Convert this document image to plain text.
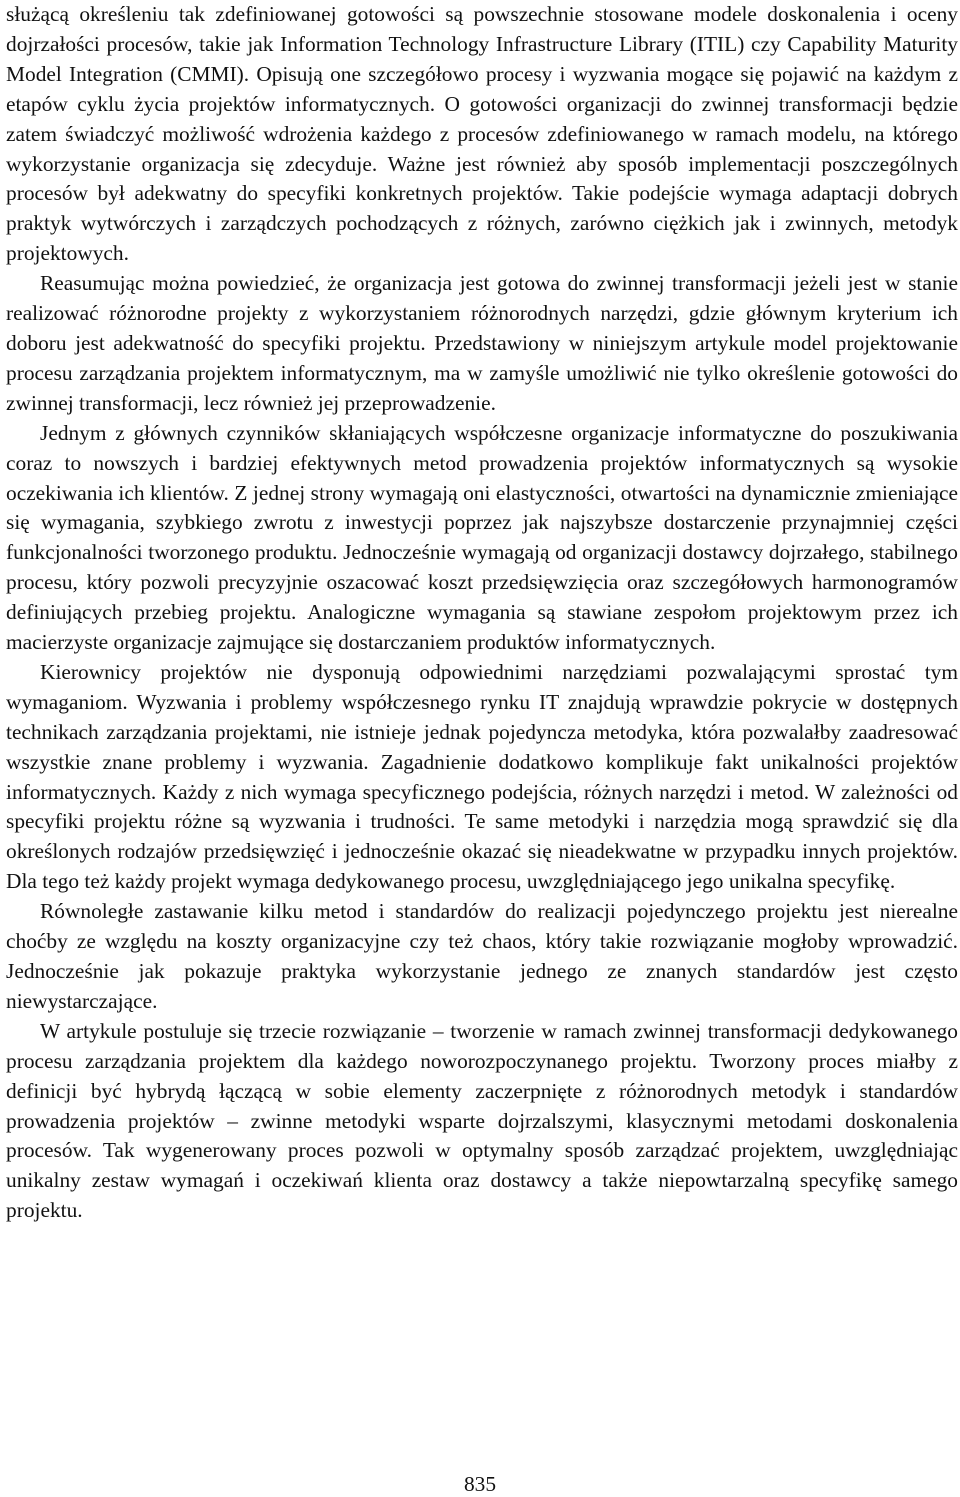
służącą określeniu tak zdefiniowanej gotowości są powszechnie stosowane modele doskonalenia i oceny dojrzałości procesów, takie jak Information Technology Infrastructure Library (ITIL) czy Capability Maturity Model Integration (CMMI). Opisują one szczegółowo procesy i wyzwania mogące się pojawić na każdym z etapów cyklu życia projektów informatycznych. O gotowości organizacji do zwinnej transformacji będzie zatem świadczyć możliwość wdrożenia każdego z procesów zdefiniowanego w ramach modelu, na którego wykorzystanie organizacja się zdecyduje. Ważne jest również aby sposób implementacji poszczególnych procesów był adekwatny do specyfiki konkretnych projektów. Takie podejście wymaga adaptacji dobrych praktyk wytwórczych i zarządczych pochodzących z różnych, zarówno ciężkich jak i zwinnych, metodyk projektowych.

Reasumując można powiedzieć, że organizacja jest gotowa do zwinnej transformacji jeżeli jest w stanie realizować różnorodne projekty z wykorzystaniem różnorodnych narzędzi, gdzie głównym kryterium ich doboru jest adekwatność do specyfiki projektu. Przedstawiony w niniejszym artykule model projektowanie procesu zarządzania projektem informatycznym, ma w zamyśle umożliwić nie tylko określenie gotowości do zwinnej transformacji, lecz również jej przeprowadzenie.

Jednym z głównych czynników skłaniających współczesne organizacje informatyczne do poszukiwania coraz to nowszych i bardziej efektywnych metod prowadzenia projektów informatycznych są wysokie oczekiwania ich klientów. Z jednej strony wymagają oni elastyczności, otwartości na dynamicznie zmieniające się wymagania, szybkiego zwrotu z inwestycji poprzez jak najszybsze dostarczenie przynajmniej części funkcjonalności tworzonego produktu. Jednocześnie wymagają od organizacji dostawcy dojrzałego, stabilnego procesu, który pozwoli precyzyjnie oszacować koszt przedsięwzięcia oraz szczegółowych harmonogramów definiujących przebieg projektu. Analogiczne wymagania są stawiane zespołom projektowym przez ich macierzyste organizacje zajmujące się dostarczaniem produktów informatycznych.

Kierownicy projektów nie dysponują odpowiednimi narzędziami pozwalającymi sprostać tym wymaganiom. Wyzwania i problemy współczesnego rynku IT znajdują wprawdzie pokrycie w dostępnych technikach zarządzania projektami, nie istnieje jednak pojedyncza metodyka, która pozwalałby zaadresować wszystkie znane problemy i wyzwania. Zagadnienie dodatkowo komplikuje fakt unikalności projektów informatycznych. Każdy z nich wymaga specyficznego podejścia, różnych narzędzi i metod. W zależności od specyfiki projektu różne są wyzwania i trudności. Te same metodyki i narzędzia mogą sprawdzić się dla określonych rodzajów przedsięwzięć i jednocześnie okazać się nieadekwatne w przypadku innych projektów. Dla tego też każdy projekt wymaga dedykowanego procesu, uwzględniającego jego unikalna specyfikę.

Równoległe zastawanie kilku metod i standardów do realizacji pojedynczego projektu jest nierealne choćby ze względu na koszty organizacyjne czy też chaos, który takie rozwiązanie mogłoby wprowadzić. Jednocześnie jak pokazuje praktyka wykorzystanie jednego ze znanych standardów jest często niewystarczające.

W artykule postuluje się trzecie rozwiązanie – tworzenie w ramach zwinnej transformacji dedykowanego procesu zarządzania projektem dla każdego noworozpoczynanego projektu. Tworzony proces miałby z definicji być hybrydą łączącą w sobie elementy zaczerpnięte z różnorodnych metodyk i standardów prowadzenia projektów – zwinne metodyki wsparte dojrzalszymi, klasycznymi metodami doskonalenia procesów. Tak wygenerowany proces pozwoli w optymalny sposób zarządzać projektem, uwzględniając unikalny zestaw wymagań i oczekiwań klienta oraz dostawcy a także niepowtarzalną specyfikę samego projektu.

835
